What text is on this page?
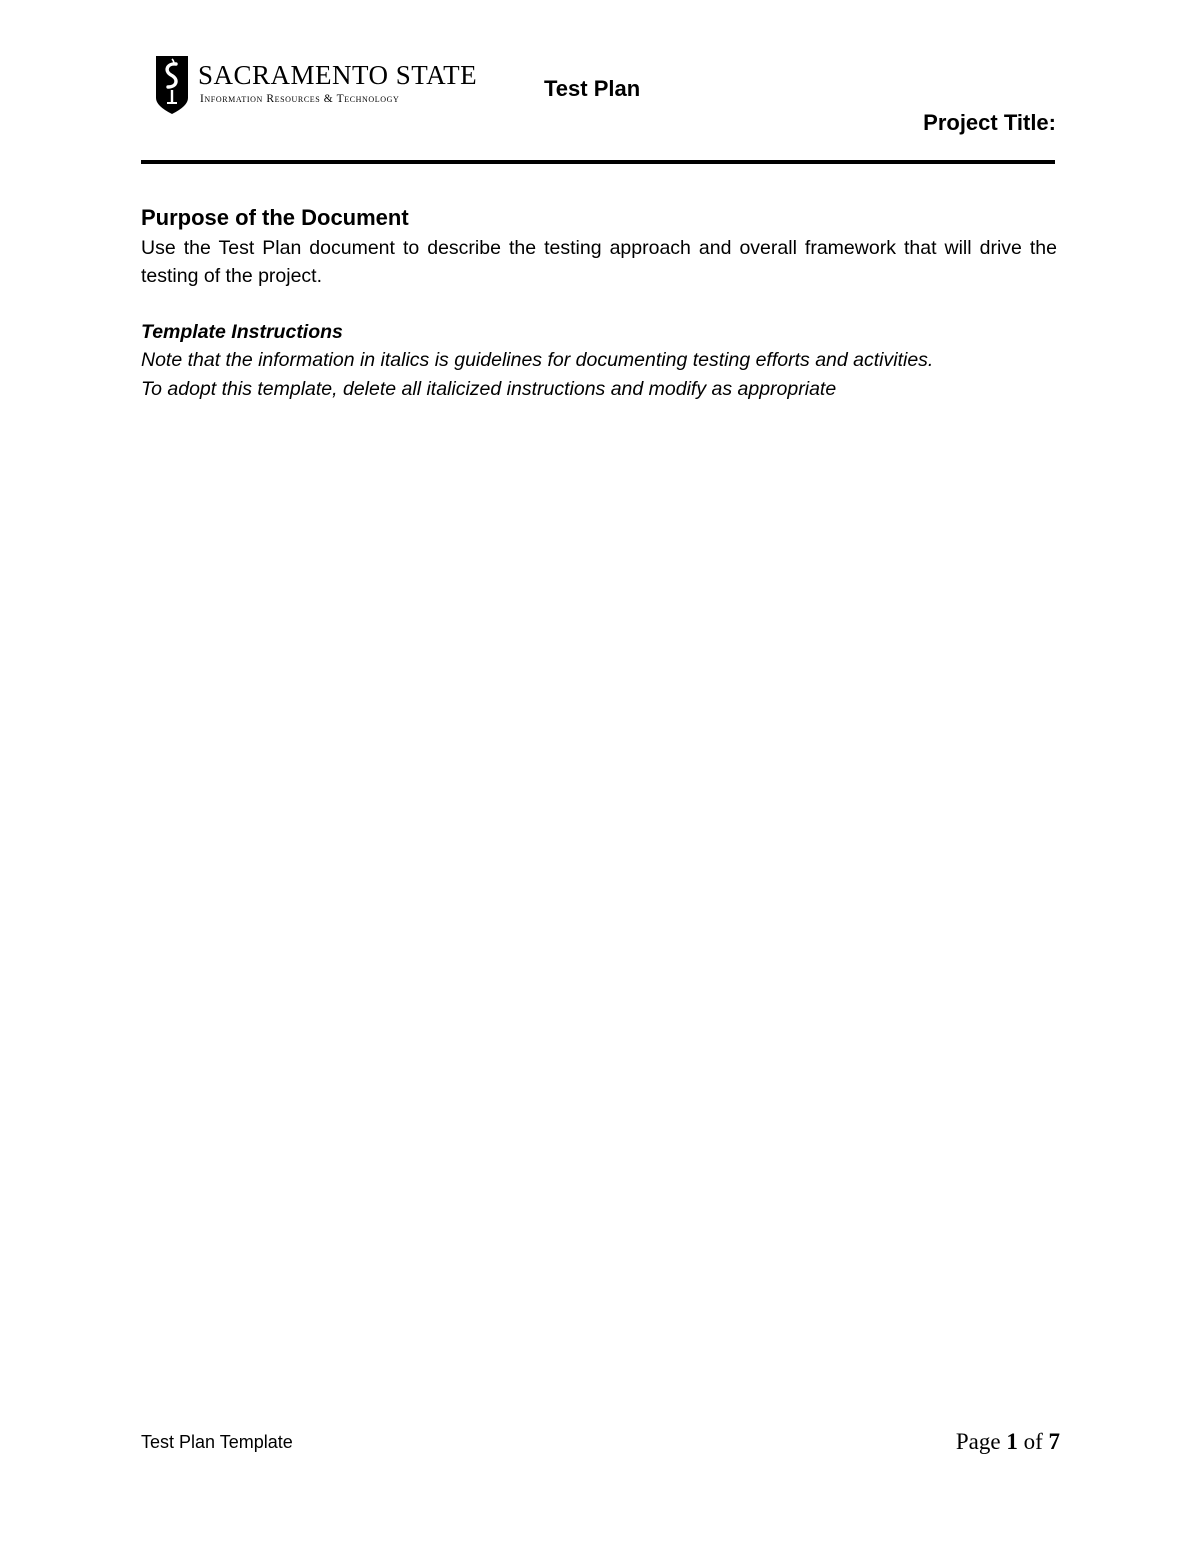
SACRAMENTO STATE
Information Resources & Technology	Test Plan
Project Title:
Purpose of the Document
Use the Test Plan document to describe the testing approach and overall framework that will drive the testing of the project.
Template Instructions
Note that the information in italics is guidelines for documenting testing efforts and activities.
To adopt this template, delete all italicized instructions and modify as appropriate
Test Plan Template	Page 1 of 7
